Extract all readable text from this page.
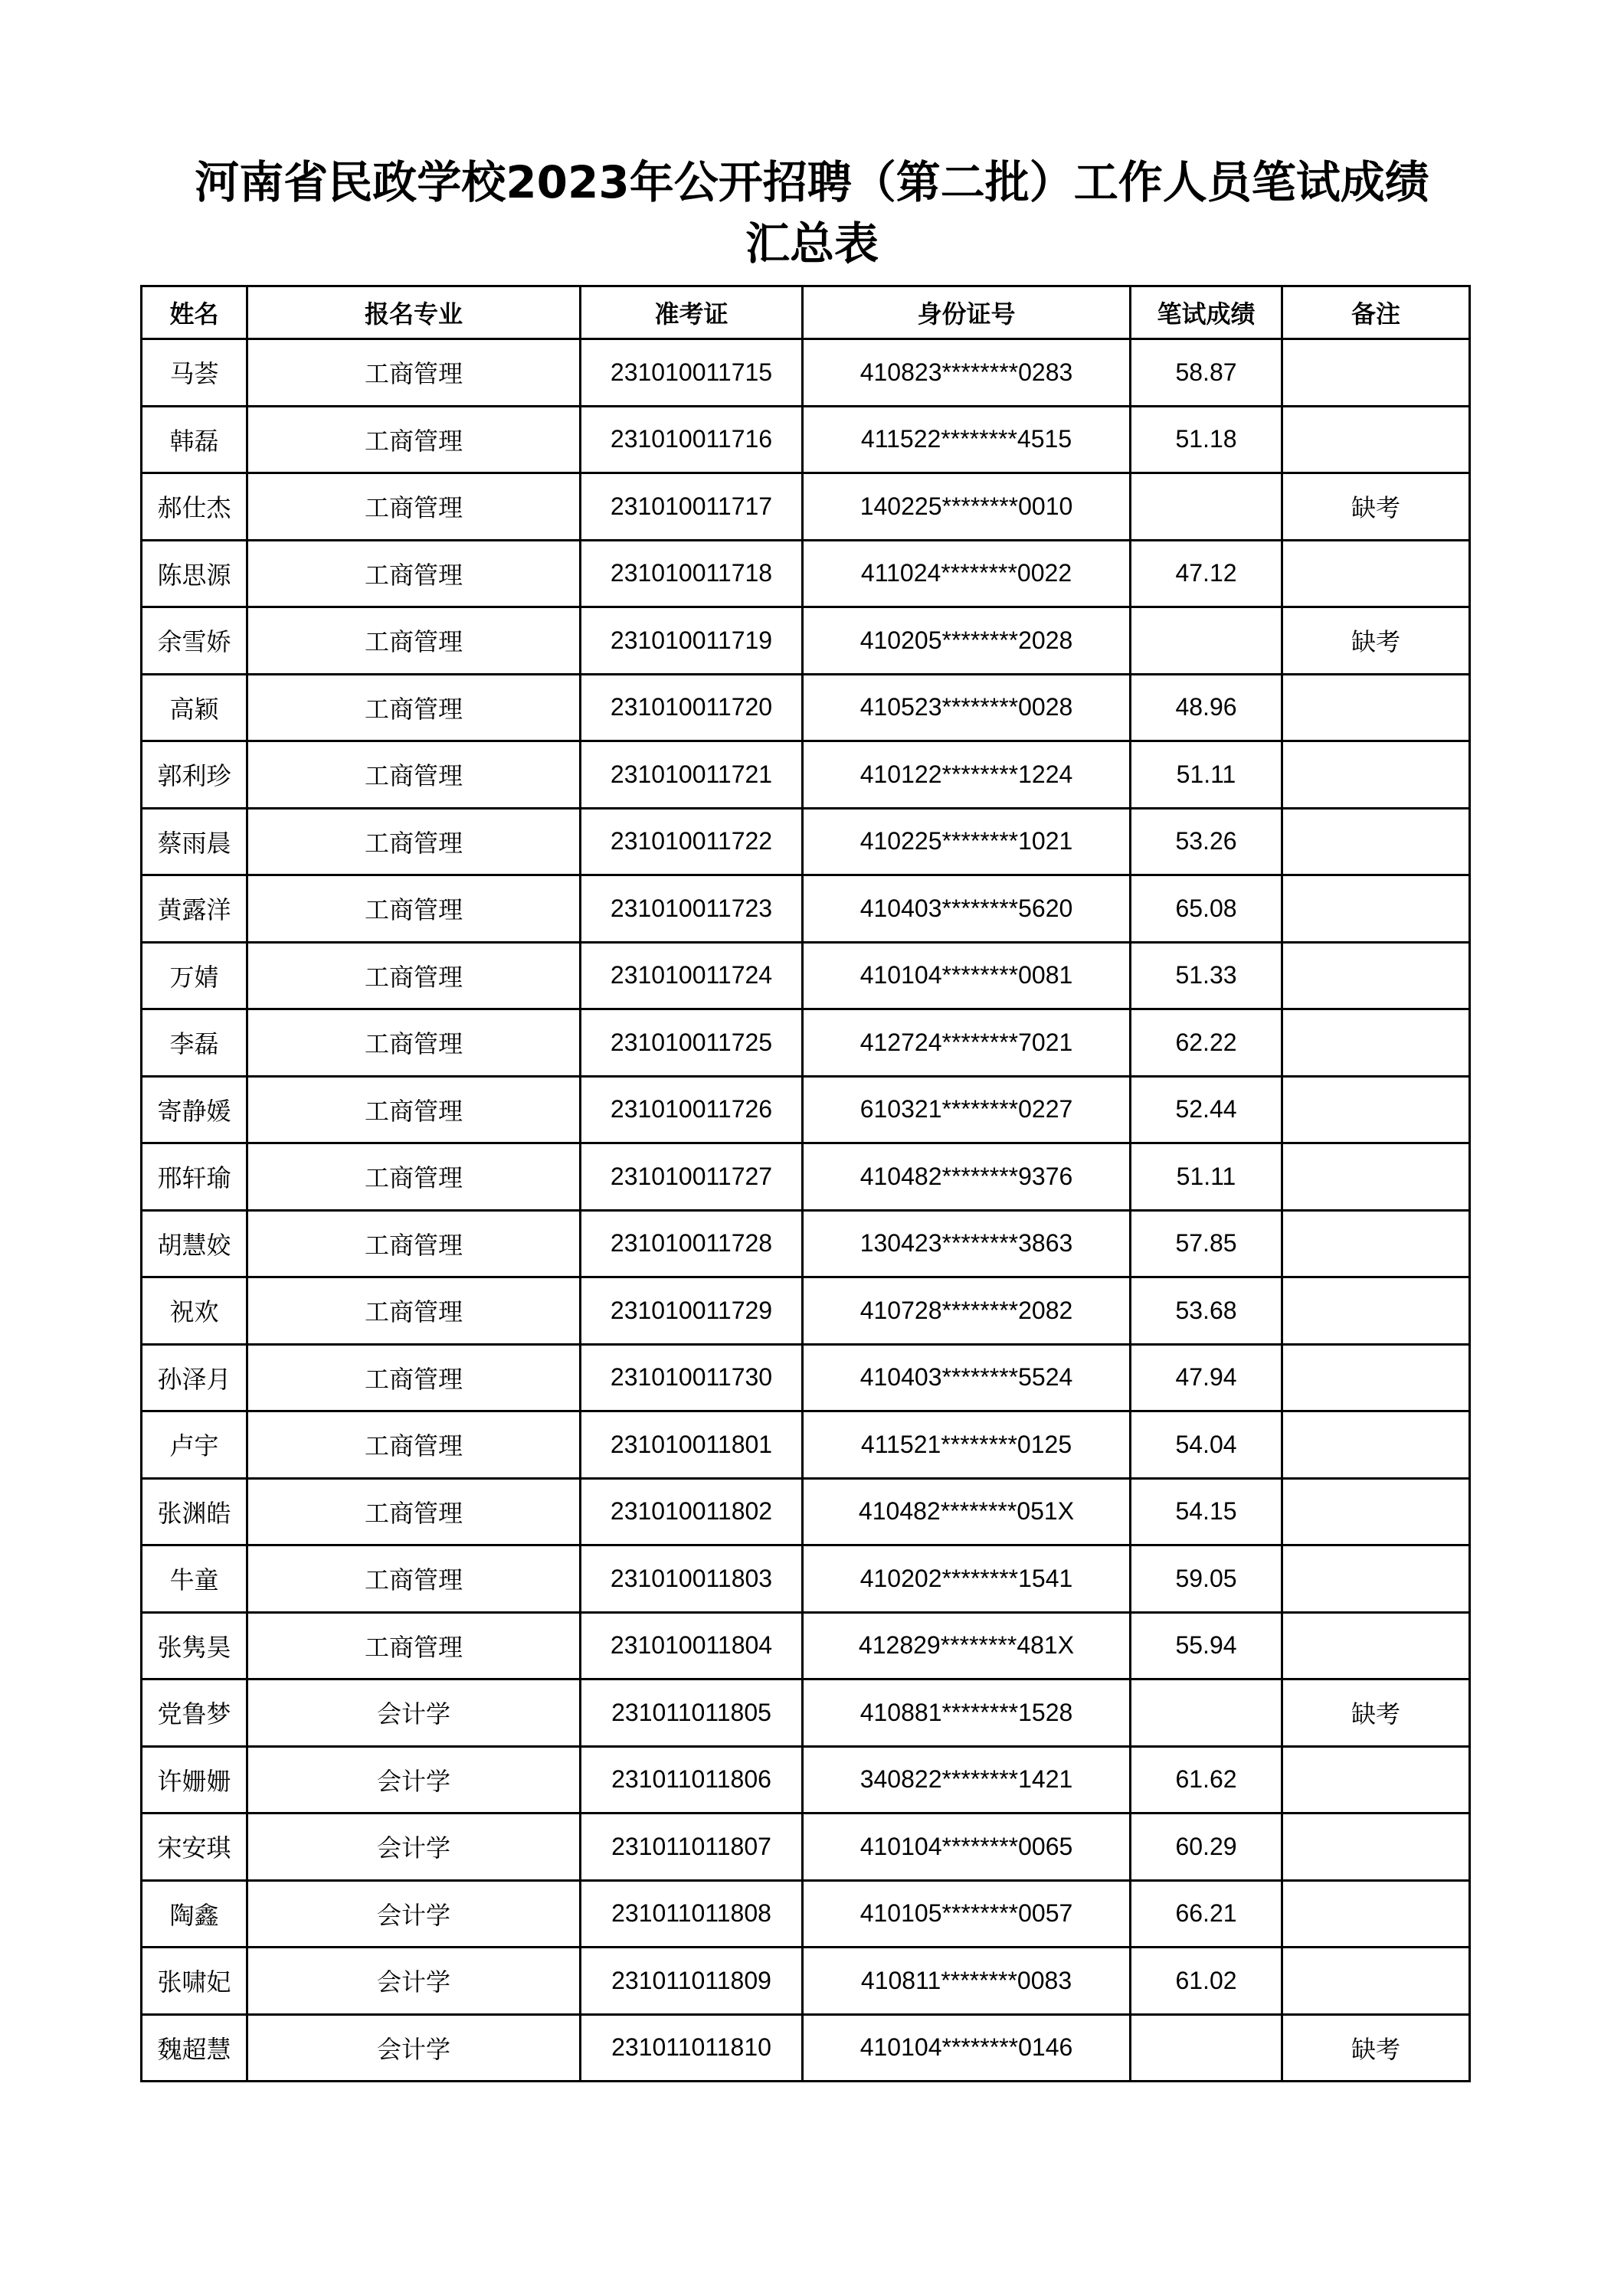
河南省民政学校2023年公开招聘（第二批）工作人员笔试成绩
汇总表
姓名	报名专业	准考证	身份证号	笔试成绩	备注
马荟	工商管理	231010011715	410823********0283	58.87	
韩磊	工商管理	231010011716	411522********4515	51.18	
郝仕杰	工商管理	231010011717	140225********0010		缺考
陈思源	工商管理	231010011718	411024********0022	47.12	
余雪娇	工商管理	231010011719	410205********2028		缺考
高颖	工商管理	231010011720	410523********0028	48.96	
郭利珍	工商管理	231010011721	410122********1224	51.11	
蔡雨晨	工商管理	231010011722	410225********1021	53.26	
黄露洋	工商管理	231010011723	410403********5620	65.08	
万婧	工商管理	231010011724	410104********0081	51.33	
李磊	工商管理	231010011725	412724********7021	62.22	
寄静媛	工商管理	231010011726	610321********0227	52.44	
邢轩瑜	工商管理	231010011727	410482********9376	51.11	
胡慧姣	工商管理	231010011728	130423********3863	57.85	
祝欢	工商管理	231010011729	410728********2082	53.68	
孙泽月	工商管理	231010011730	410403********5524	47.94	
卢宇	工商管理	231010011801	411521********0125	54.04	
张渊皓	工商管理	231010011802	410482********051X	54.15	
牛童	工商管理	231010011803	410202********1541	59.05	
张隽昊	工商管理	231010011804	412829********481X	55.94	
党鲁梦	会计学	231011011805	410881********1528		缺考
许姗姗	会计学	231011011806	340822********1421	61.62	
宋安琪	会计学	231011011807	410104********0065	60.29	
陶鑫	会计学	231011011808	410105********0057	66.21	
张啸妃	会计学	231011011809	410811********0083	61.02	
魏超慧	会计学	231011011810	410104********0146		缺考
